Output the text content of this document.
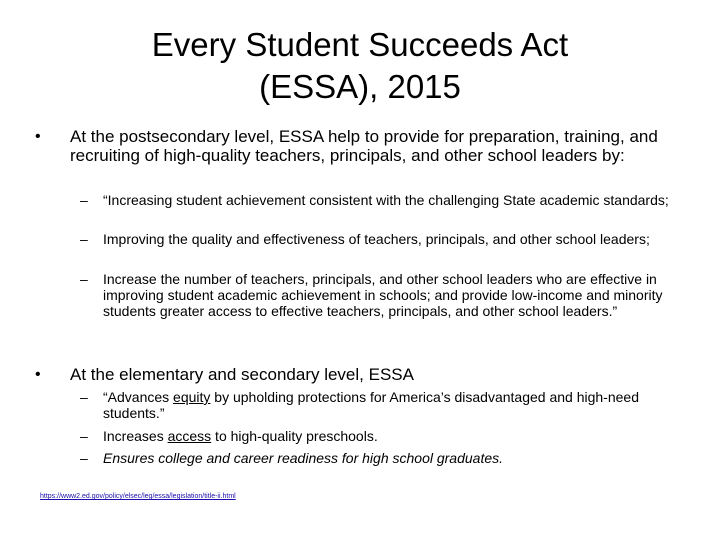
Every Student Succeeds Act
(ESSA), 2015
• At the postsecondary level, ESSA help to provide for preparation, training, and recruiting of high-quality teachers, principals, and other school leaders by:
– “Increasing student achievement consistent with the challenging State academic standards;
– Improving the quality and effectiveness of teachers, principals, and other school leaders;
– Increase the number of teachers, principals, and other school leaders who are effective in improving student academic achievement in schools; and provide low-income and minority students greater access to effective teachers, principals, and other school leaders.”
• At the elementary and secondary level, ESSA
– “Advances equity by upholding protections for America’s disadvantaged and high-need students.”
– Increases access to high-quality preschools.
– Ensures college and career readiness for high school graduates.
https://www2.ed.gov/policy/elsec/leg/essa/legislation/title-ii.html
